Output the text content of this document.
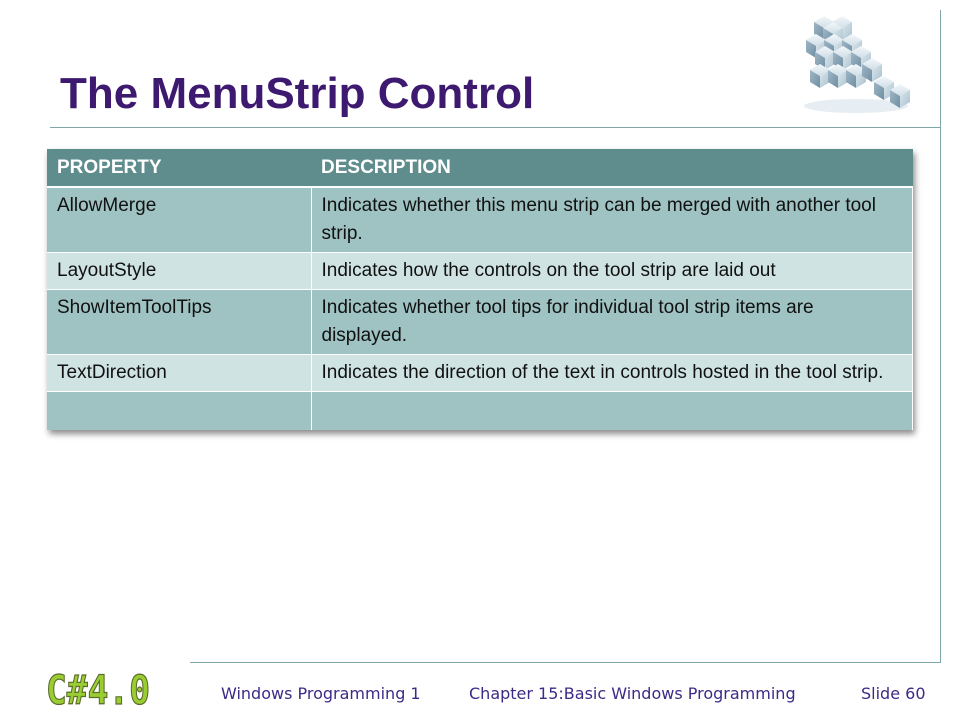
The MenuStrip Control
PROPERTY	DESCRIPTION
AllowMerge	Indicates whether this menu strip can be merged with another tool strip.
LayoutStyle	Indicates how the controls on the tool strip are laid out
ShowItemToolTips	Indicates whether tool tips for individual tool strip items are displayed.
TextDirection	Indicates the direction of the text in controls hosted in the tool strip.

C#4.0	Windows Programming 1	Chapter 15:Basic Windows Programming	Slide 60
